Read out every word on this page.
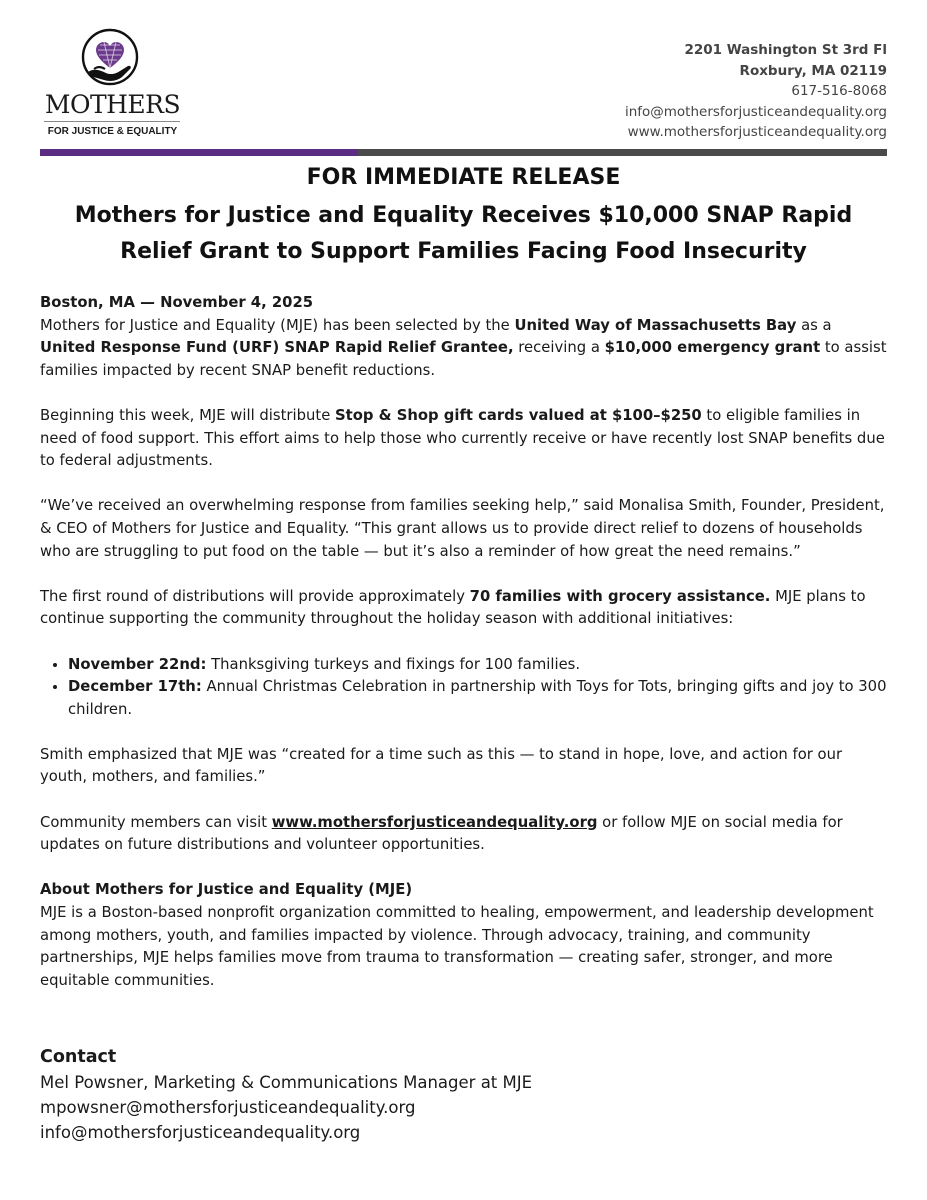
MOTHERS
FOR JUSTICE & EQUALITY
2201 Washington St 3rd Fl
Roxbury, MA 02119
617-516-8068
info@mothersforjusticeandequality.org
www.mothersforjusticeandequality.org
FOR IMMEDIATE RELEASE
Mothers for Justice and Equality Receives $10,000 SNAP Rapid
Relief Grant to Support Families Facing Food Insecurity

Boston, MA — November 4, 2025
Mothers for Justice and Equality (MJE) has been selected by the United Way of Massachusetts Bay as a United Response Fund (URF) SNAP Rapid Relief Grantee, receiving a $10,000 emergency grant to assist families impacted by recent SNAP benefit reductions.

Beginning this week, MJE will distribute Stop & Shop gift cards valued at $100–$250 to eligible families in need of food support. This effort aims to help those who currently receive or have recently lost SNAP benefits due to federal adjustments.

“We’ve received an overwhelming response from families seeking help,” said Monalisa Smith, Founder, President, & CEO of Mothers for Justice and Equality. “This grant allows us to provide direct relief to dozens of households who are struggling to put food on the table — but it’s also a reminder of how great the need remains.”

The first round of distributions will provide approximately 70 families with grocery assistance. MJE plans to continue supporting the community throughout the holiday season with additional initiatives:

• November 22nd: Thanksgiving turkeys and fixings for 100 families.
• December 17th: Annual Christmas Celebration in partnership with Toys for Tots, bringing gifts and joy to 300 children.

Smith emphasized that MJE was “created for a time such as this — to stand in hope, love, and action for our youth, mothers, and families.”

Community members can visit www.mothersforjusticeandequality.org or follow MJE on social media for updates on future distributions and volunteer opportunities.

About Mothers for Justice and Equality (MJE)
MJE is a Boston-based nonprofit organization committed to healing, empowerment, and leadership development among mothers, youth, and families impacted by violence. Through advocacy, training, and community partnerships, MJE helps families move from trauma to transformation — creating safer, stronger, and more equitable communities.

Contact
Mel Powsner, Marketing & Communications Manager at MJE
mpowsner@mothersforjusticeandequality.org
info@mothersforjusticeandequality.org
